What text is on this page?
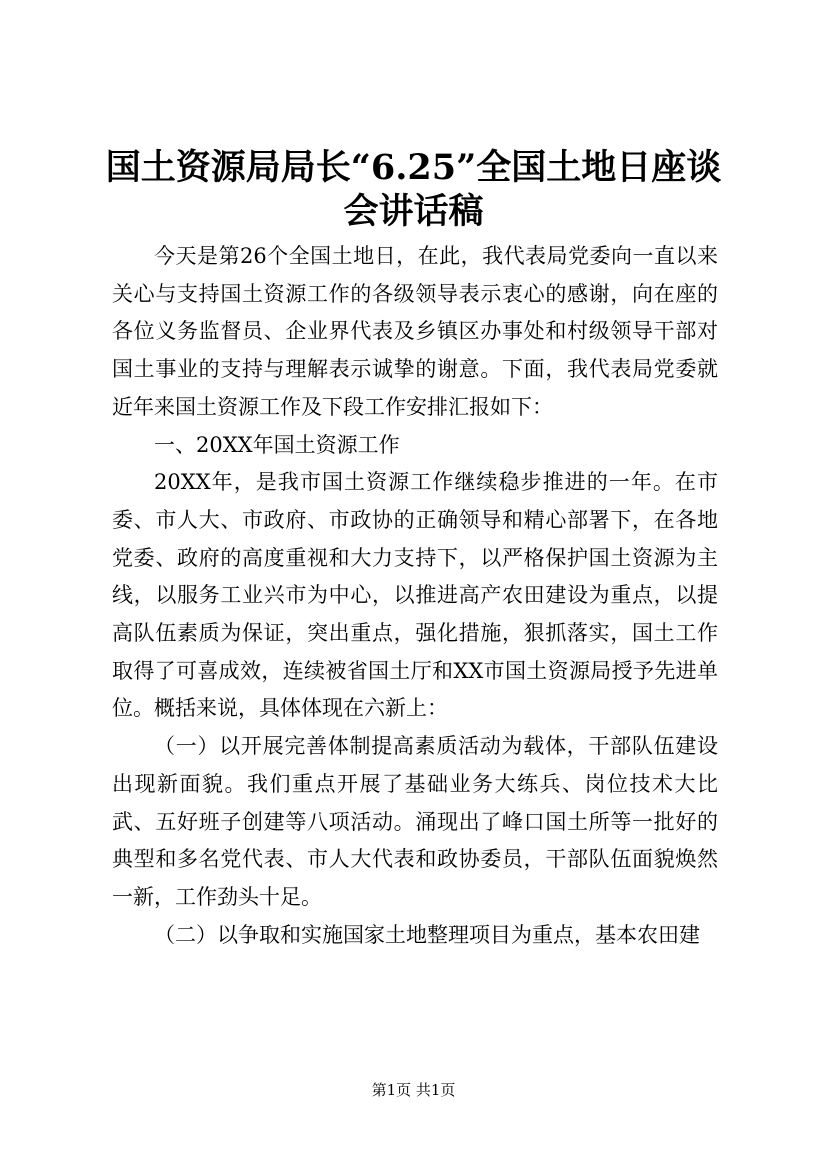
国土资源局局长“6.25”全国土地日座谈会讲话稿

今天是第26个全国土地日，在此，我代表局党委向一直以来关心与支持国土资源工作的各级领导表示衷心的感谢，向在座的各位义务监督员、企业界代表及乡镇区办事处和村级领导干部对国土事业的支持与理解表示诚挚的谢意。下面，我代表局党委就近年来国土资源工作及下段工作安排汇报如下：

一、20XX年国土资源工作

20XX年，是我市国土资源工作继续稳步推进的一年。在市委、市人大、市政府、市政协的正确领导和精心部署下，在各地党委、政府的高度重视和大力支持下，以严格保护国土资源为主线，以服务工业兴市为中心，以推进高产农田建设为重点，以提高队伍素质为保证，突出重点，强化措施，狠抓落实，国土工作取得了可喜成效，连续被省国土厅和XX市国土资源局授予先进单位。概括来说，具体体现在六新上：

（一）以开展完善体制提高素质活动为载体，干部队伍建设出现新面貌。我们重点开展了基础业务大练兵、岗位技术大比武、五好班子创建等八项活动。涌现出了峰口国土所等一批好的典型和多名党代表、市人大代表和政协委员，干部队伍面貌焕然一新，工作劲头十足。

（二）以争取和实施国家土地整理项目为重点，基本农田建

第1页 共1页
